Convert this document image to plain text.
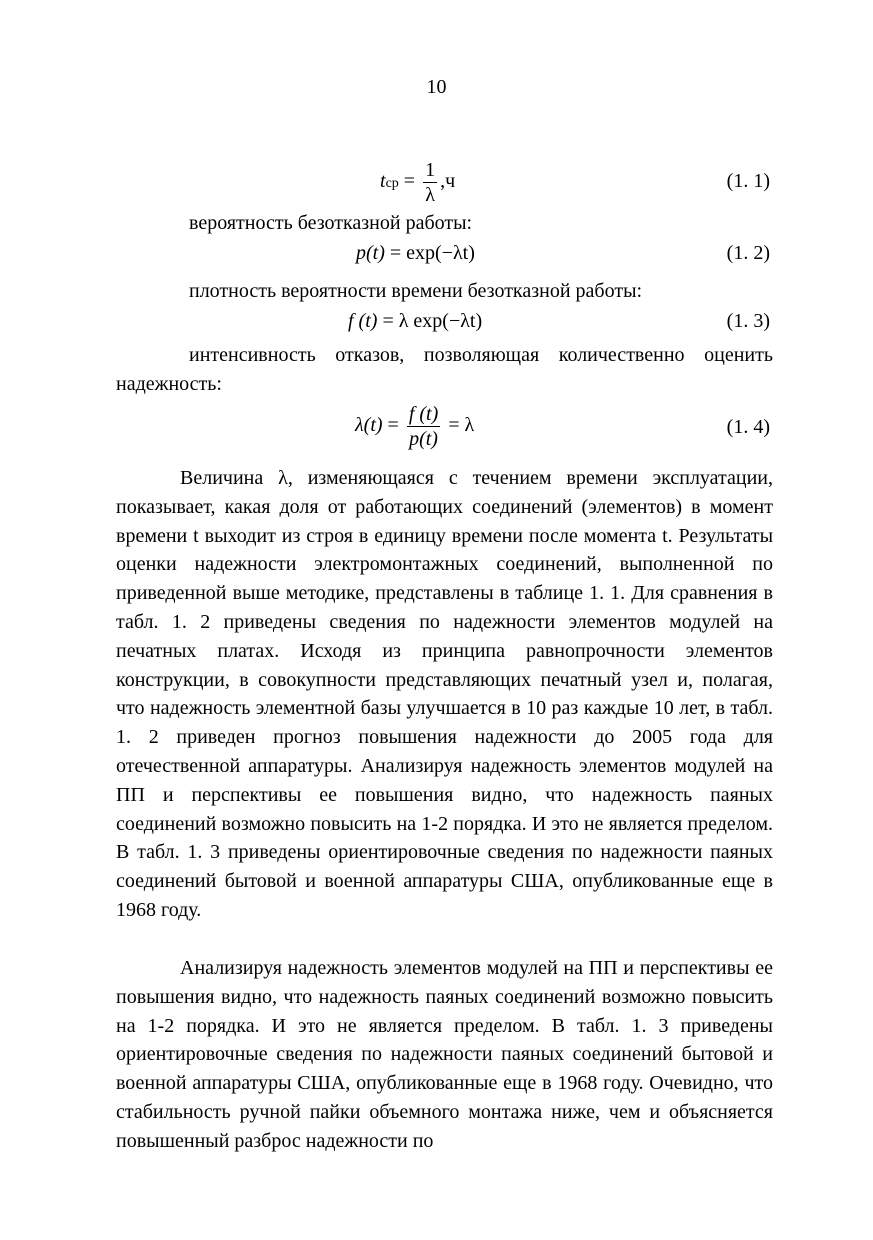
10
tср = $\frac{1}{\lambda} ,ч$	(1. 1)
вероятность безотказной работы:
p(t) = exp(−λt)	(1. 2)
плотность вероятности времени безотказной работы:
f (t) = λ exp(−λt)	(1. 3)
интенсивность отказов, позволяющая количественно оценить
надежность:
$\lambda(t) = \frac{f (t)}{p(t)} = \lambda$	(1. 4)

Величина λ, изменяющаяся с течением времени эксплуатации, показывает, какая доля от работающих соединений (элементов) в момент времени t выходит из строя в единицу времени после момента t. Результаты оценки надежности электромонтажных соединений, выполненной по приведенной выше методике, представлены в таблице 1. 1. Для сравнения в табл. 1. 2 приведены сведения по надежности элементов модулей на печатных платах. Исходя из принципа равнопрочности элементов конструкции, в совокупности представляющих печатный узел и, полагая, что надежность элементной базы улучшается в 10 раз каждые 10 лет, в табл. 1. 2 приведен прогноз повышения надежности до 2005 года для отечественной аппаратуры. Анализируя надежность элементов модулей на ПП и перспективы ее повышения видно, что надежность паяных соединений возможно повысить на 1-2 порядка. И это не является пределом. В табл. 1. 3 приведены ориентировочные сведения по надежности паяных соединений бытовой и военной аппаратуры США, опубликованные еще в 1968 году.

Анализируя надежность элементов модулей на ПП и перспективы ее повышения видно, что надежность паяных соединений возможно повысить на 1-2 порядка. И это не является пределом. В табл. 1. 3 приведены ориентировочные сведения по надежности паяных соединений бытовой и военной аппаратуры США, опубликованные еще в 1968 году. Очевидно, что стабильность ручной пайки объемного монтажа ниже, чем и объясняется повышенный разброс надежности по
